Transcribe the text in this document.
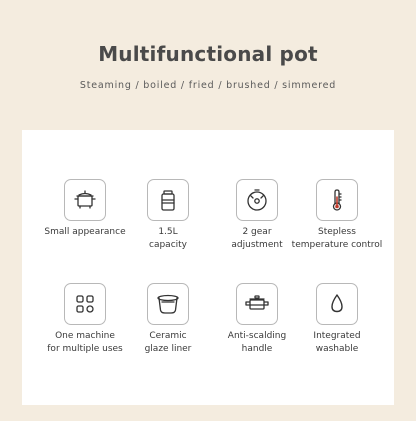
Multifunctional pot
Steaming / boiled / fried / brushed / simmered
Small appearance	1.5L
capacity
2 gear
adjustment
Stepless
temperature control
One machine
for multiple uses
Ceramic
glaze liner
Anti-scalding
handle
Integrated
washable
